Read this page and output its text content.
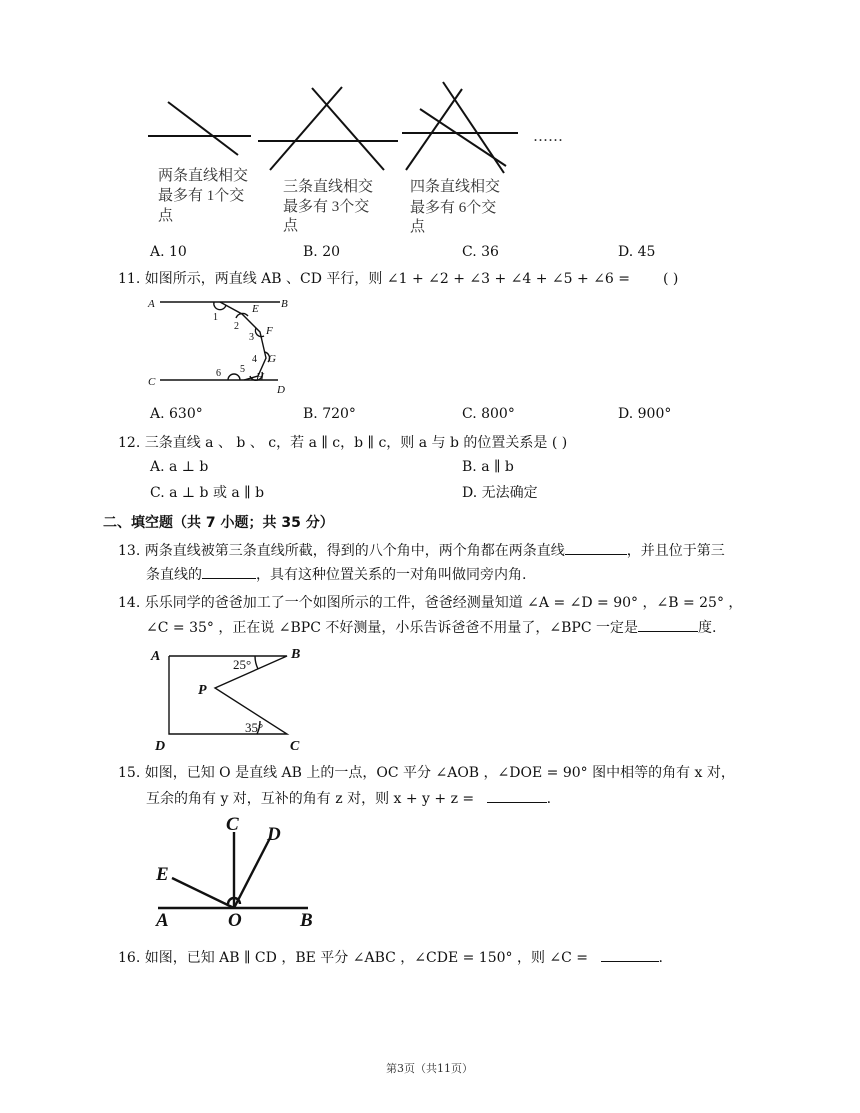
……
两条直线相交
最多有 1个交
点
三条直线相交
最多有 3个交
点
四条直线相交
最多有 6个交
点
A. 10	B. 20	C. 36	D. 45
11. 如图所示，两直线 AB 、CD 平行，则 ∠1 + ∠2 + ∠3 + ∠4 + ∠5 + ∠6 = ( )
A	B
C
D
E
F
G
H
1
2
3
4
5
6
A. 630°	B. 720°	C. 800°	D. 900°
12. 三条直线 a 、 b 、 c，若 a ∥ c，b ∥ c，则 a 与 b 的位置关系是 ( )
A. a ⊥ b	B. a ∥ b
C. a ⊥ b 或 a ∥ b	D. 无法确定
二、填空题（共 7 小题；共 35 分）
13. 两条直线被第三条直线所截，得到的八个角中，两个角都在两条直线	，并且位于第三
条直线的	，具有这种位置关系的一对角叫做同旁内角.
14. 乐乐同学的爸爸加工了一个如图所示的工件，爸爸经测量知道 ∠A = ∠D = 90° ，∠B = 25° ，
∠C = 35° ，正在说 ∠BPC 不好测量，小乐告诉爸爸不用量了，∠BPC 一定是	度.
A	B
P
D	C
25°
35°
15. 如图，已知 O 是直线 AB 上的一点，OC 平分 ∠AOB ，∠DOE = 90° 图中相等的角有 x 对，
互余的角有 y 对，互补的角有 z 对，则 x + y + z =	.
C D
E
A	O	B
16. 如图，已知 AB ∥ CD ，BE 平分 ∠ABC ，∠CDE = 150° ，则 ∠C =	.
第3页（共11页）
